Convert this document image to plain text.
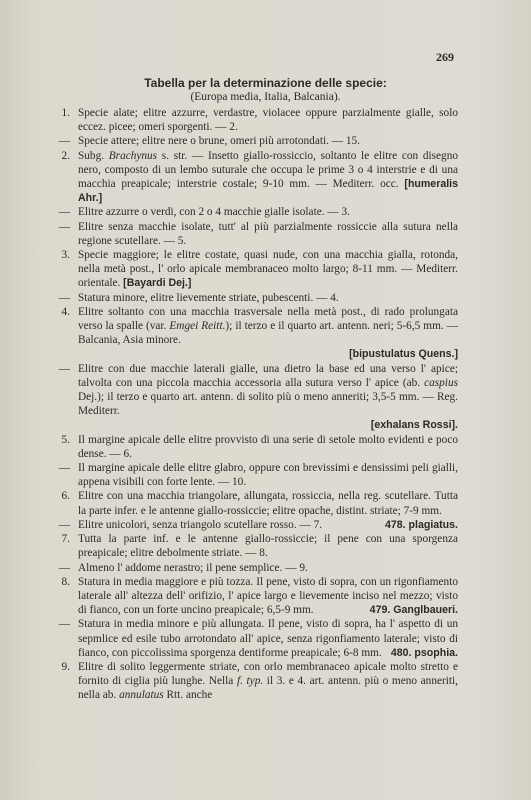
269
Tabella per la determinazione delle specie:
(Europa media, Italia, Balcania).
1. Specie alate; elitre azzurre, verdastre, violacee oppure parzialmente gialle, solo eccez. picee; omeri sporgenti. — 2.
— Specie attere; elitre nere o brune, omeri più arrotondati. — 15.
2. Subg. Brachynus s. str. — Insetto giallo-rossiccio, soltanto le elitre con disegno nero, composto di un lembo suturale che occupa le prime 3 o 4 interstrie e di una macchia preapicale; interstrie costale; 9-10 mm. — Mediterr. occ. [humeralis Ahr.]
— Elitre azzurre o verdi, con 2 o 4 macchie gialle isolate. — 3.
— Elitre senza macchie isolate, tutt' al più parzialmente rossiccie alla sutura nella regione scutellare. — 5.
3. Specie maggiore; le elitre costate, quasi nude, con una macchia gialla, rotonda, nella metà post., l' orlo apicale membranaceo molto largo; 8-11 mm. — Mediterr. orientale. [Bayardi Dej.]
— Statura minore, elitre lievemente striate, pubescenti. — 4.
4. Elitre soltanto con una macchia trasversale nella metà post., di rado prolungata verso la spalle (var. Emgei Reitt.); il terzo e il quarto art. antenn. neri; 5-6,5 mm. — Balcania, Asia minore.
[bipustulatus Quens.]
— Elitre con due macchie laterali gialle, una dietro la base ed una verso l' apice; talvolta con una piccola macchia accessoria alla sutura verso l' apice (ab. caspius Dej.); il terzo e quarto art. antenn. di solito più o meno anneriti; 3,5-5 mm. — Reg. Mediterr.
[exhalans Rossi].
5. Il margine apicale delle elitre provvisto di una serie di setole molto evidenti e poco dense. — 6.
— Il margine apicale delle elitre glabro, oppure con brevissimi e densissimi peli gialli, appena visibili con forte lente. — 10.
6. Elitre con una macchia triangolare, allungata, rossiccia, nella reg. scutellare. Tutta la parte infer. e le antenne giallo-rossiccie; elitre opache, distint. striate; 7-9 mm.
478. plagiatus.
— Elitre unicolori, senza triangolo scutellare rosso. — 7.
7. Tutta la parte inf. e le antenne giallo-rossiccie; il pene con una sporgenza preapicale; elitre debolmente striate. — 8.
— Almeno l' addome nerastro; il pene semplice. — 9.
8. Statura in media maggiore e più tozza. Il pene, visto di sopra, con un rigonfiamento laterale all' altezza dell' orifizio, l' apice largo e lievemente inciso nel mezzo; visto di fianco, con un forte uncino preapicale; 6,5-9 mm.	479. Ganglbaueri.
— Statura in media minore e più allungata. Il pene, visto di sopra, ha l' aspetto di un sepmlice ed esile tubo arrotondato all' apice, senza rigonfiamento laterale; visto di fianco, con piccolissima sporgenza dentiforme preapicale; 6-8 mm. 480. psophia.
9. Elitre di solito leggermente striate, con orlo membranaceo apicale molto stretto e fornito di ciglia più lunghe. Nella f. typ. il 3. e 4. art. antenn. più o meno anneriti, nella ab. annulatus Rtt. anche
